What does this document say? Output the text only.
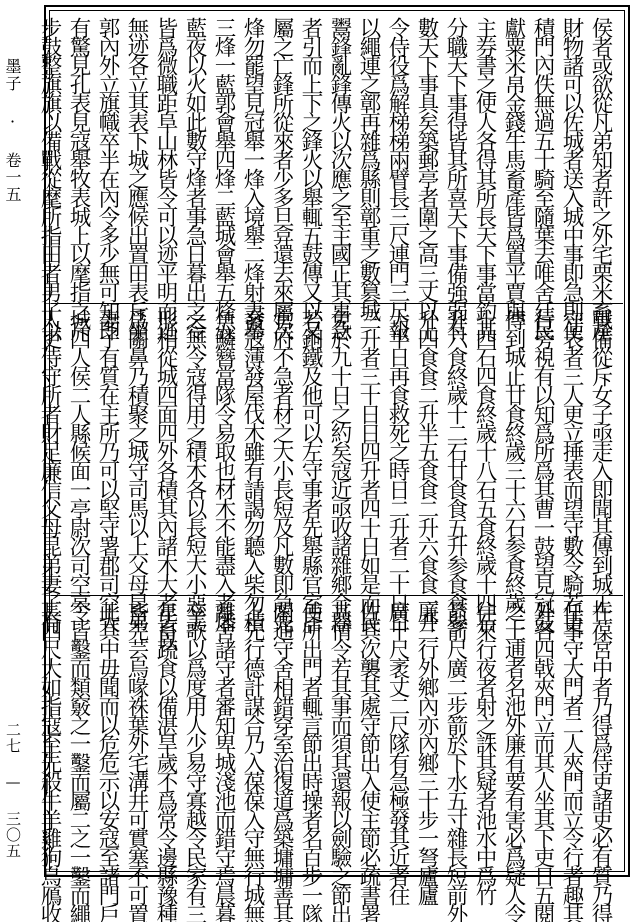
墨子 · 卷一五
二七 — 三〇五
侯者或欲從凡弟知者許之外宅栗米畜產
財物諸可以佐城者送入城中事即急則使
積門內佚無過五十騎至隨葉去唯舍廷民
獻粟米帛金錢牛馬畜產皆爲置平賈與
主券書之使人各得其所長天下事當釣其
分職天下事得皆其所喜天下事備強弱有
數天下事具矣築郵亭者圍之高三丈以上
令侍役爲解梯梯兩臂長三尺連門三尺報
以繩連之鄣再雜爲縣則鄣重之數篡城
鬻鋒亂鋒傳火以次應之至主國正其事急
者引而上下之鋒火以舉輒五鼓傳又以又
屬之亡鋒所從來者少多旦弇還去來屬次
烽勿罷望見冠舉一烽入境舉二烽射妻舉
三烽一藍郭會舉四烽二藍城會舉五烽五
藍夜以火如此數守烽者事急日暮出之令
皆爲微職距阜山林皆令可以迹平明而迹
無迹各立其表下城之應候出置田表斥坐
郭內外立旗幟卒半在內令多少無可知即
有驚見孔表見寇舉牧表城上以麾指之斥
步鼓整旗旗以備戰從麾所指田者男子以
戰備從斥女子亟走入即聞其傳到城正
守表者三人更立捶表而望守數令騎若吏
行旁視有以知爲所爲其曹一鼓望見冠鼓
傳到城止廿食終歲三十六石参食終歲二
十四石四食終歲十八石五食終歲十四石
升六食終歲十二石廿食食五升参食食参
升四食食二升半五食食二升六食食一升
大半日再食救死之時日二升者二十日日
三升者三十日日四升者四十日如是而民
免於九十日之約矣寇近亟收諸雜鄉金器
若銅鐵及他可以左守事者先舉縣官室居
官府不急者材之大小長短及凡數即急先
發寇薄發屋伐木雖有請謁勿聽入柴勿積
魚鱗簪當隊令易取也材木不能盡入者燔
之無令寇得用之積木各以長短大小惡美
形相從城四面四外各積其內諸木大者皆以
爲關鼻乃積聚之城守司馬以上父母昆弟
妻子有質在主所乃可以堅守署郡司空大
城四人侯二人縣候面一亭尉次司空亭一
人吏侍守所者財足廉信父母昆弟妻子有
在葆宮中者乃得爲侍吏諸吏必有質乃得
任事守大門者二人夾門而立令行者趣其
外各四戟夾門立而其人坐其下吏日五閱
之上逋者名池外廉有要有害必爲疑人令
往來行夜者射之誅其疑者池水中爲竹
箭箭尺廣二步箭於下水五寸雜長短前外
廉三行外鄉內亦內鄉三十步一弩廬廬
廣十尺袤丈二尺隊有急極發其近者往
佐其次襲其處守節出入使主節必疏書署
其情令若其事而須其還報以劍驗之節出
使所出門者輒言節出時操者名百步一隊
閤通守舍相錯穿室治復道爲築墉墉善其
上先行德計謀合乃入葆葆入守無行城無
離舍諸守者審知卑城淺池而錯守焉晨暮
卒歌以爲度用人少易守寡越令民家有三
年畜蔬食以備湛旱歲不爲常令邊縣豫種
畜芫芸烏喙祩葉外宅溝井可實塞不可置
此其中毋聞而以危危示以安寇至諸門戶
令皆鑿而類竅之一鑿而屬二之一鑿而繩
長四尺大如指寇至先殺牛羊雞狗鳥鴈收
